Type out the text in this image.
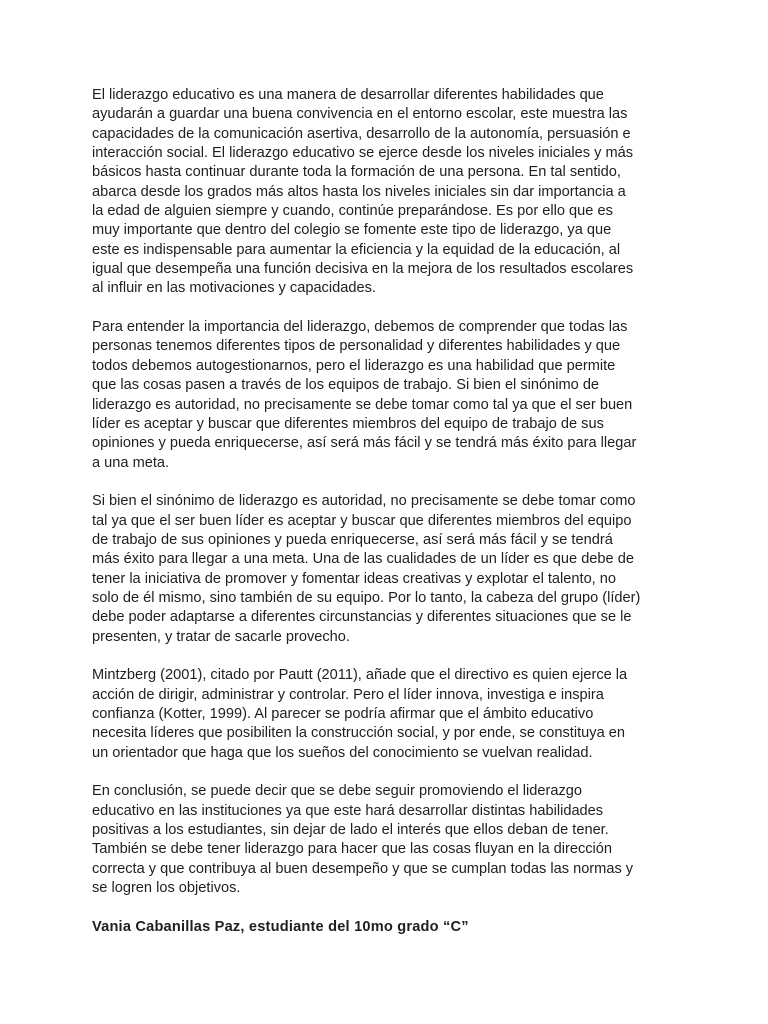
El liderazgo educativo es una manera de desarrollar diferentes habilidades que
ayudarán a guardar una buena convivencia en el entorno escolar, este muestra las
capacidades de la comunicación asertiva, desarrollo de la autonomía, persuasión e
interacción social. El liderazgo educativo se ejerce desde los niveles iniciales y más
básicos hasta continuar durante toda la formación de una persona. En tal sentido,
abarca desde los grados más altos hasta los niveles iniciales sin dar importancia a
la edad de alguien siempre y cuando, continúe preparándose. Es por ello que es
muy importante que dentro del colegio se fomente este tipo de liderazgo, ya que
este es indispensable para aumentar la eficiencia y la equidad de la educación, al
igual que desempeña una función decisiva en la mejora de los resultados escolares
al influir en las motivaciones y capacidades.

Para entender la importancia del liderazgo, debemos de comprender que todas las
personas tenemos diferentes tipos de personalidad y diferentes habilidades y que
todos debemos autogestionarnos, pero el liderazgo es una habilidad que permite
que las cosas pasen a través de los equipos de trabajo. Si bien el sinónimo de
liderazgo es autoridad, no precisamente se debe tomar como tal ya que el ser buen
líder es aceptar y buscar que diferentes miembros del equipo de trabajo de sus
opiniones y pueda enriquecerse, así será más fácil y se tendrá más éxito para llegar
a una meta.

Si bien el sinónimo de liderazgo es autoridad, no precisamente se debe tomar como
tal ya que el ser buen líder es aceptar y buscar que diferentes miembros del equipo
de trabajo de sus opiniones y pueda enriquecerse, así será más fácil y se tendrá
más éxito para llegar a una meta. Una de las cualidades de un líder es que debe de
tener la iniciativa de promover y fomentar ideas creativas y explotar el talento, no
solo de él mismo, sino también de su equipo. Por lo tanto, la cabeza del grupo (líder)
debe poder adaptarse a diferentes circunstancias y diferentes situaciones que se le
presenten, y tratar de sacarle provecho.

Mintzberg (2001), citado por Pautt (2011), añade que el directivo es quien ejerce la
acción de dirigir, administrar y controlar. Pero el líder innova, investiga e inspira
confianza (Kotter, 1999). Al parecer se podría afirmar que el ámbito educativo
necesita líderes que posibiliten la construcción social, y por ende, se constituya en
un orientador que haga que los sueños del conocimiento se vuelvan realidad.

En conclusión, se puede decir que se debe seguir promoviendo el liderazgo
educativo en las instituciones ya que este hará desarrollar distintas habilidades
positivas a los estudiantes, sin dejar de lado el interés que ellos deban de tener.
También se debe tener liderazgo para hacer que las cosas fluyan en la dirección
correcta y que contribuya al buen desempeño y que se cumplan todas las normas y
se logren los objetivos.

Vania Cabanillas Paz, estudiante del 10mo grado “C”
